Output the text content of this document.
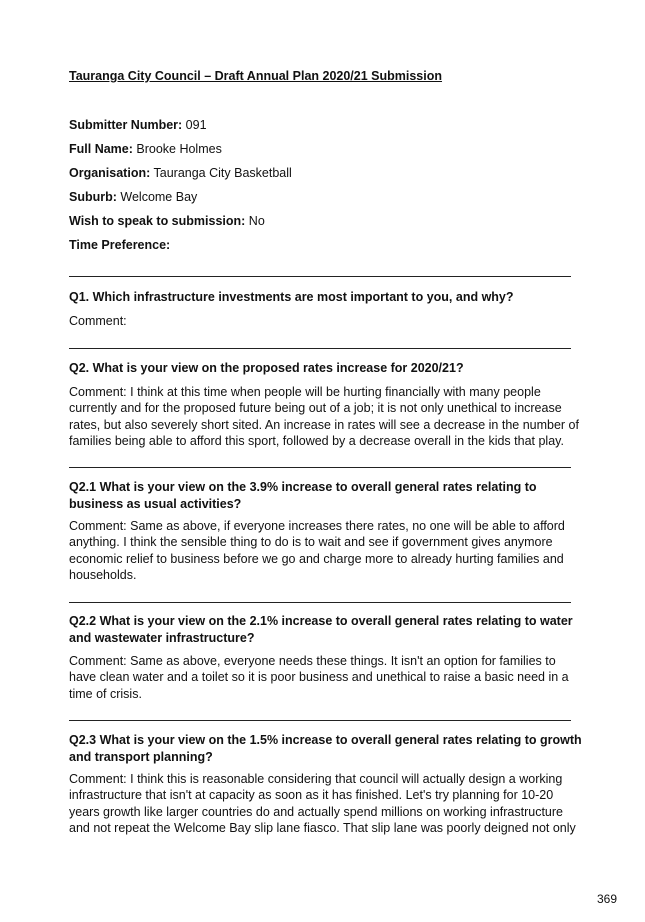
Tauranga City Council – Draft Annual Plan 2020/21 Submission
Submitter Number: 091
Full Name: Brooke Holmes
Organisation: Tauranga City Basketball
Suburb: Welcome Bay
Wish to speak to submission: No
Time Preference:
Q1. Which infrastructure investments are most important to you, and why?
Comment:
Q2. What is your view on the proposed rates increase for 2020/21?
Comment: I think at this time when people will be hurting financially with many people currently and for the proposed future being out of a job; it is not only unethical to increase rates, but also severely short sited. An increase in rates will see a decrease in the number of families being able to afford this sport, followed by a decrease overall in the kids that play.
Q2.1 What is your view on the 3.9% increase to overall general rates relating to business as usual activities?
Comment: Same as above, if everyone increases there rates, no one will be able to afford anything. I think the sensible thing to do is to wait and see if government gives anymore economic relief to business before we go and charge more to already hurting families and households.
Q2.2 What is your view on the 2.1% increase to overall general rates relating to water and wastewater infrastructure?
Comment: Same as above, everyone needs these things. It isn't an option for families to have clean water and a toilet so it is poor business and unethical to raise a basic need in a time of crisis.
Q2.3 What is your view on the 1.5% increase to overall general rates relating to growth and transport planning?
Comment: I think this is reasonable considering that council will actually design a working infrastructure that isn't at capacity as soon as it has finished. Let's try planning for 10-20 years growth like larger countries do and actually spend millions on working infrastructure and not repeat the Welcome Bay slip lane fiasco. That slip lane was poorly deigned not only
369
